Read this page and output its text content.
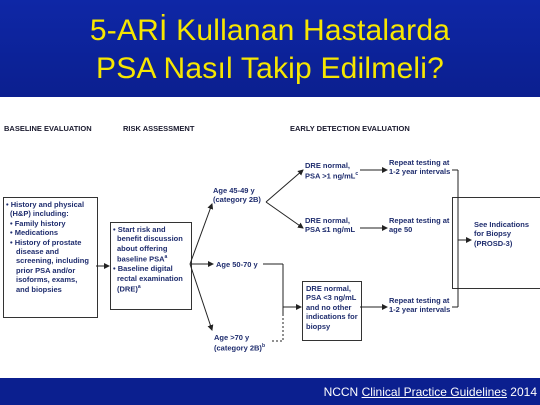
5-ARİ Kullanan Hastalarda
PSA Nasıl Takip Edilmeli?
BASELINE EVALUATION	RISK ASSESSMENT	EARLY DETECTION EVALUATION
• History and physical
(H&P) including:
• Family history
• Medications
• History of prostate
disease and
screening, including
prior PSA and/or
isoforms, exams,
and biopsies
• Start risk and
benefit discussion
about offering
baseline PSA$^a$
• Baseline digital
rectal examination
(DRE)$^a$
Age 45-49 y
(category 2B)
Age 50-70 y
Age >70 y
(category 2B)$^b$
DRE normal,
PSA >1 $ng/mL^c$
DRE normal,
PSA ≤1 ng/mL
DRE normal,
PSA <3 ng/mL
and no other
indications for
biopsy
Repeat testing at
1-2 year intervals
Repeat testing at
age 50
Repeat testing at
1-2 year intervals
See Indications
for Biopsy
(PROSD-3)
NCCN Clinical Practice Guidelines 2014
